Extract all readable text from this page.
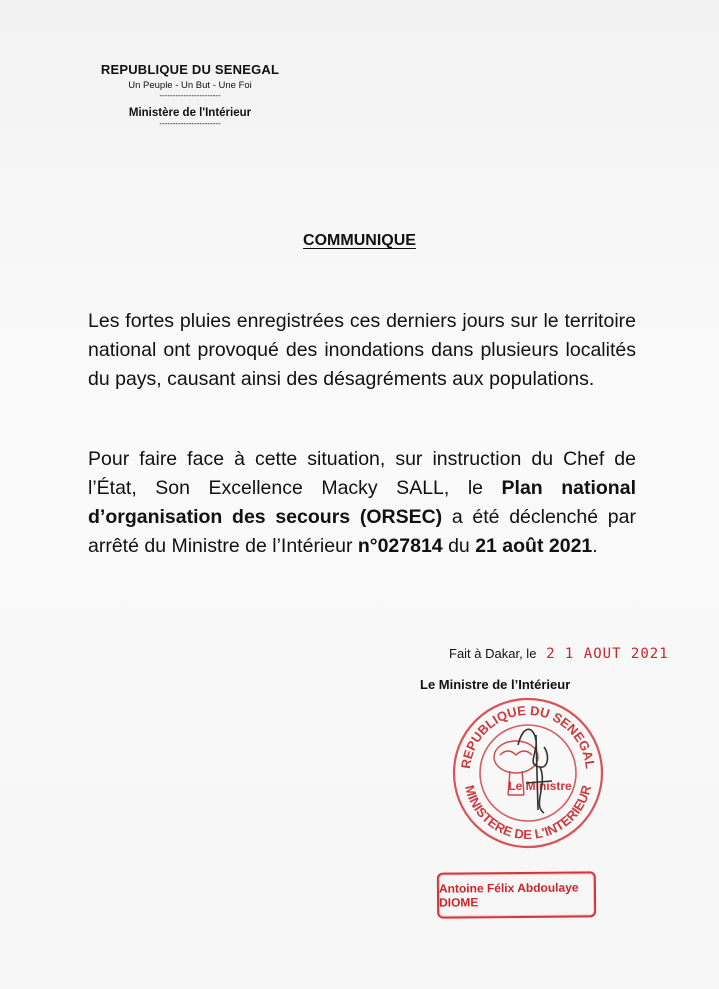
REPUBLIQUE DU SENEGAL
Un Peuple - Un But - Une Foi
-----------------------
Ministère de l'Intérieur
-----------------------
COMMUNIQUE
Les fortes pluies enregistrées ces derniers jours sur le territoire national ont provoqué des inondations dans plusieurs localités du pays, causant ainsi des désagréments aux populations.
Pour faire face à cette situation, sur instruction du Chef de l’État, Son Excellence Macky SALL, le Plan national d’organisation des secours (ORSEC) a été déclenché par arrêté du Ministre de l’Intérieur n°027814 du 21 août 2021.
Fait à Dakar, le 2 1 AOUT 2021
Le Ministre de l’Intérieur
REPUBLIQUE DU SENEGAL
MINISTERE DE L'INTERIEUR
Le Ministre
Antoine Félix Abdoulaye DIOME
